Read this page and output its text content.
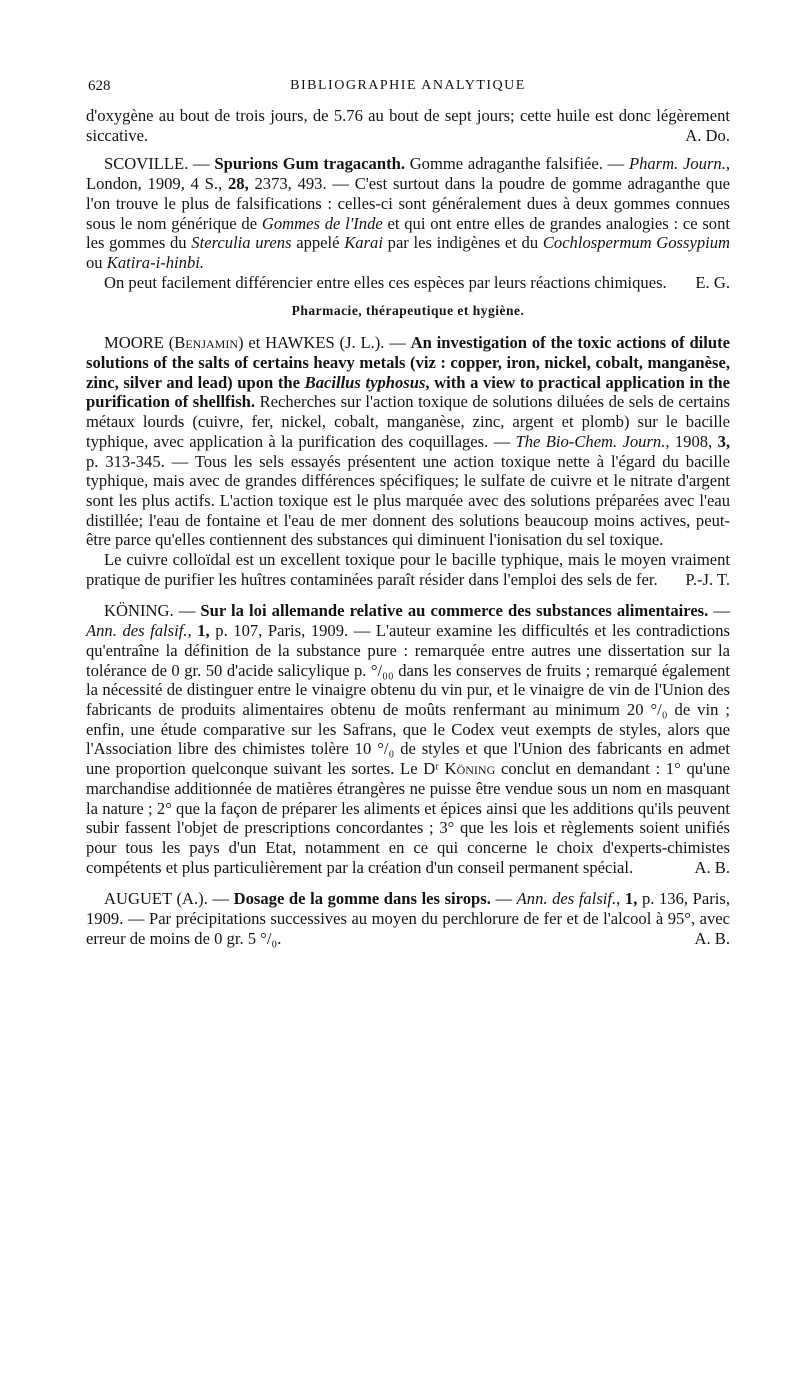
628	BIBLIOGRAPHIE ANALYTIQUE

d'oxygène au bout de trois jours, de 5.76 au bout de sept jours; cette huile est donc légèrement siccative.	A. Do.

SCOVILLE. — Spurions Gum tragacanth. Gomme adraganthe falsifiée. — Pharm. Journ., London, 1909, 4 S., 28, 2373, 493. — C'est surtout dans la poudre de gomme adraganthe que l'on trouve le plus de falsifications : celles-ci sont généralement dues à deux gommes connues sous le nom générique de Gommes de l'Inde et qui ont entre elles de grandes analogies : ce sont les gommes du Sterculia urens appelé Karai par les indigènes et du Cochlospermum Gossypium ou Katira-i-hinbi.

On peut facilement différencier entre elles ces espèces par leurs réactions chimiques.	E. G.

Pharmacie, thérapeutique et hygiène.

MOORE (Benjamin) et HAWKES (J. L.). — An investigation of the toxic actions of dilute solutions of the salts of certains heavy metals (viz : copper, iron, nickel, cobalt, manganèse, zinc, silver and lead) upon the Bacillus typhosus, with a view to practical application in the purification of shellfish. Recherches sur l'action toxique de solutions diluées de sels de certains métaux lourds (cuivre, fer, nickel, cobalt, manganèse, zinc, argent et plomb) sur le bacille typhique, avec application à la purification des coquillages. — The Bio-Chem. Journ., 1908, 3, p. 313-345. — Tous les sels essayés présentent une action toxique nette à l'égard du bacille typhique, mais avec de grandes différences spécifiques; le sulfate de cuivre et le nitrate d'argent sont les plus actifs. L'action toxique est le plus marquée avec des solutions préparées avec l'eau distillée; l'eau de fontaine et l'eau de mer donnent des solutions beaucoup moins actives, peut-être parce qu'elles contiennent des substances qui diminuent l'ionisation du sel toxique.

Le cuivre colloïdal est un excellent toxique pour le bacille typhique, mais le moyen vraiment pratique de purifier les huîtres contaminées paraît résider dans l'emploi des sels de fer.	P.-J. T.

KÖNING. — Sur la loi allemande relative au commerce des substances alimentaires. — Ann. des falsif., 1, p. 107, Paris, 1909. — L'auteur examine les difficultés et les contradictions qu'entraîne la définition de la substance pure : remarquée entre autres une dissertation sur la tolérance de 0 gr. 50 d'acide salicylique p. °/₀₀ dans les conserves de fruits ; remarqué également la nécessité de distinguer entre le vinaigre obtenu du vin pur, et le vinaigre de vin de l'Union des fabricants de produits alimentaires obtenu de moûts renfermant au minimum 20 °/₀ de vin ; enfin, une étude comparative sur les Safrans, que le Codex veut exempts de styles, alors que l'Association libre des chimistes tolère 10 °/₀ de styles et que l'Union des fabricants en admet une proportion quelconque suivant les sortes. Le Dʳ Köning conclut en demandant : 1° qu'une marchandise additionnée de matières étrangères ne puisse être vendue sous un nom en masquant la nature ; 2° que la façon de préparer les aliments et épices ainsi que les additions qu'ils peuvent subir fassent l'objet de prescriptions concordantes ; 3° que les lois et règlements soient unifiés pour tous les pays d'un Etat, notamment en ce qui concerne le choix d'experts-chimistes compétents et plus particulièrement par la création d'un conseil permanent spécial.	A. B.

AUGUET (A.). — Dosage de la gomme dans les sirops. — Ann. des falsif., 1, p. 136, Paris, 1909. — Par précipitations successives au moyen du perchlorure de fer et de l'alcool à 95°, avec erreur de moins de 0 gr. 5 °/₀.	A. B.
